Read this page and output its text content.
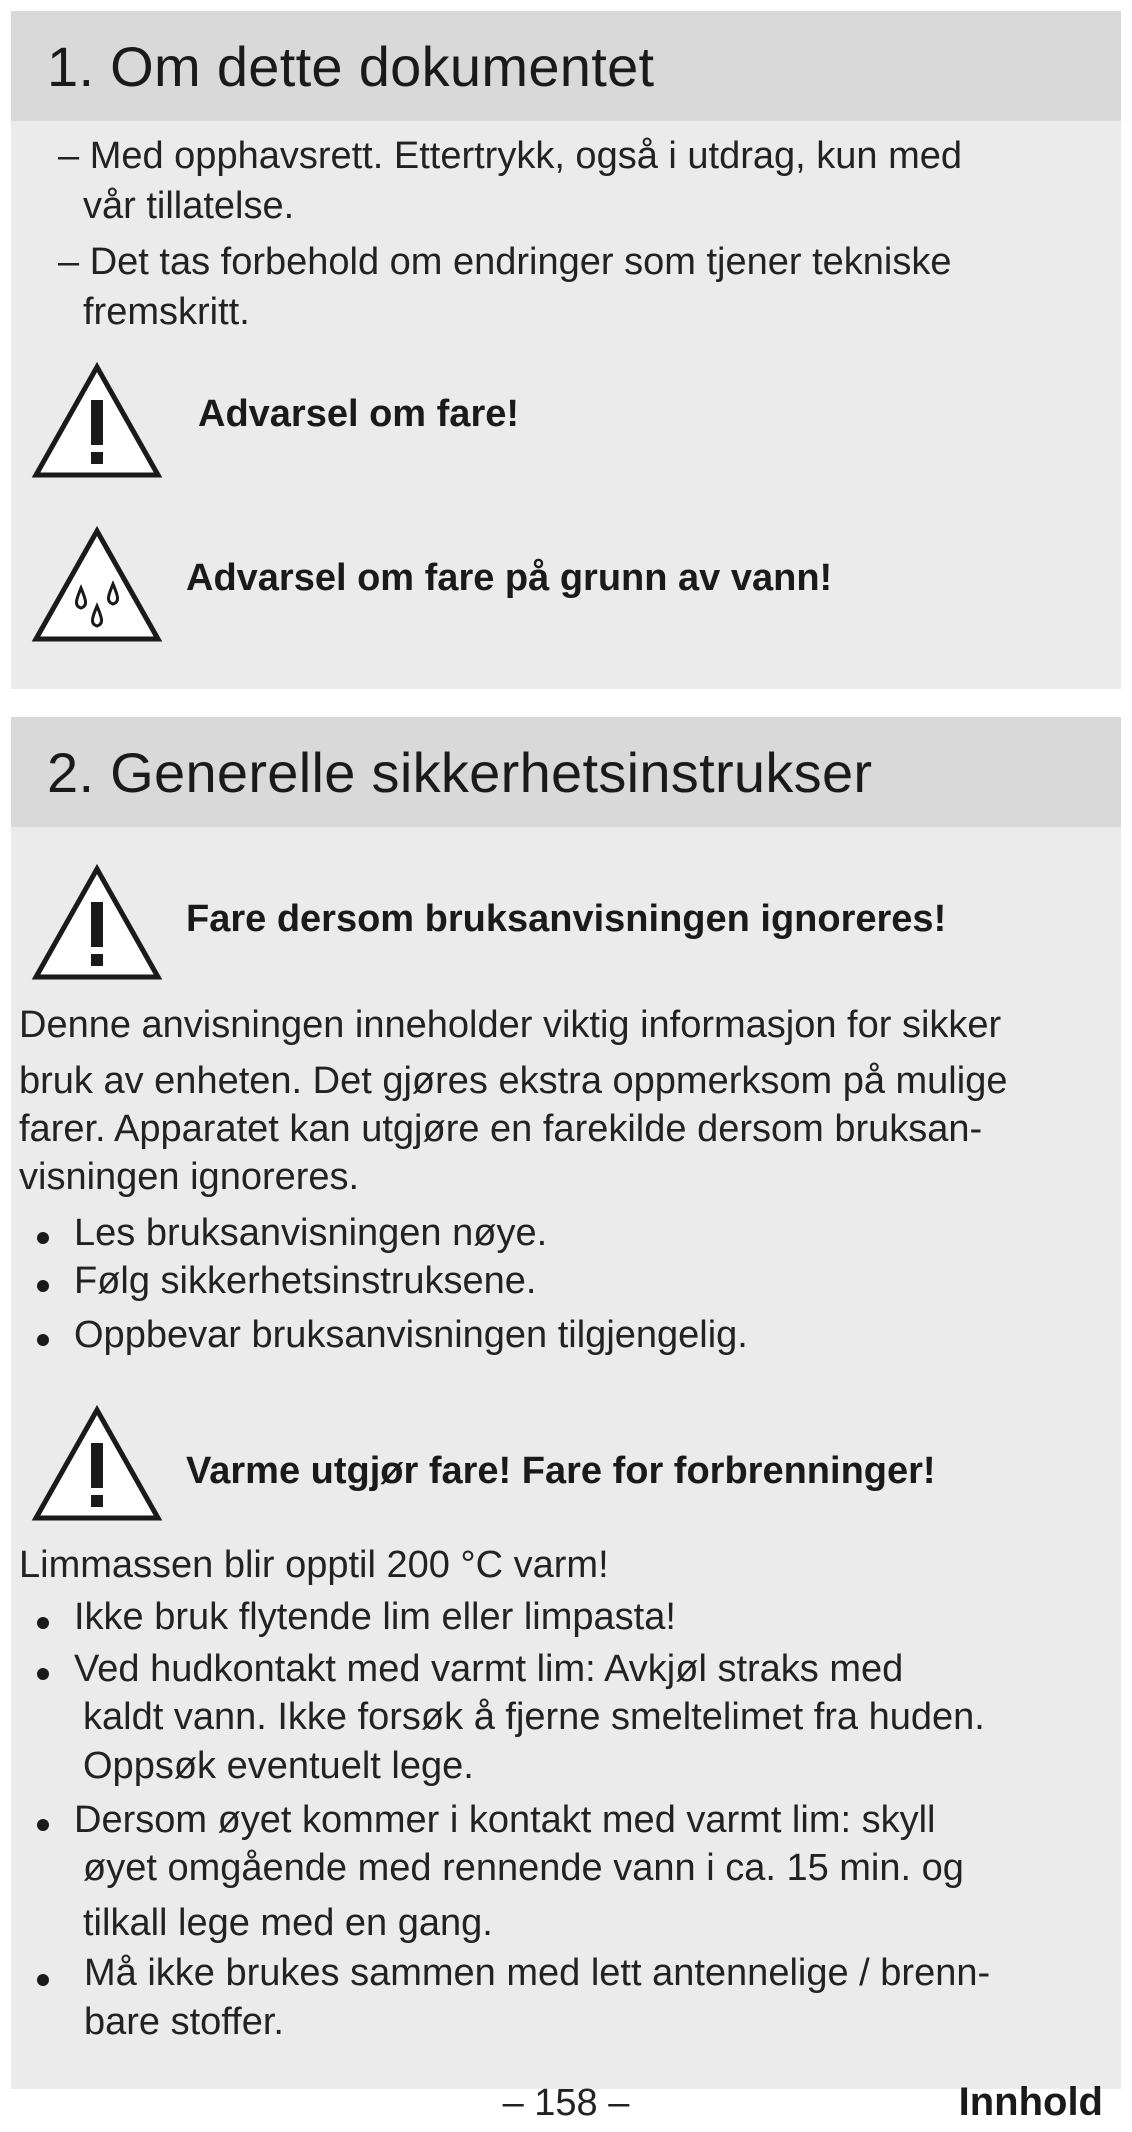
1. Om dette dokumentet
– Med opphavsrett. Ettertrykk, også i utdrag, kun med
vår tillatelse.
– Det tas forbehold om endringer som tjener tekniske
fremskritt.
Advarsel om fare!
Advarsel om fare på grunn av vann!
2. Generelle sikkerhetsinstrukser
Fare dersom bruksanvisningen ignoreres!
Denne anvisningen inneholder viktig informasjon for sikker
bruk av enheten. Det gjøres ekstra oppmerksom på mulige
farer. Apparatet kan utgjøre en farekilde dersom bruksan-
visningen ignoreres.
Les bruksanvisningen nøye.
Følg sikkerhetsinstruksene.
Oppbevar bruksanvisningen tilgjengelig.
Varme utgjør fare! Fare for forbrenninger!
Limmassen blir opptil 200 °C varm!
Ikke bruk flytende lim eller limpasta!
Ved hudkontakt med varmt lim: Avkjøl straks med
kaldt vann. Ikke forsøk å fjerne smeltelimet fra huden.
Oppsøk eventuelt lege.
Dersom øyet kommer i kontakt med varmt lim: skyll
øyet omgående med rennende vann i ca. 15 min. og
tilkall lege med en gang.
Må ikke brukes sammen med lett antennelige / brenn-
bare stoffer.
– 158 –	Innhold
